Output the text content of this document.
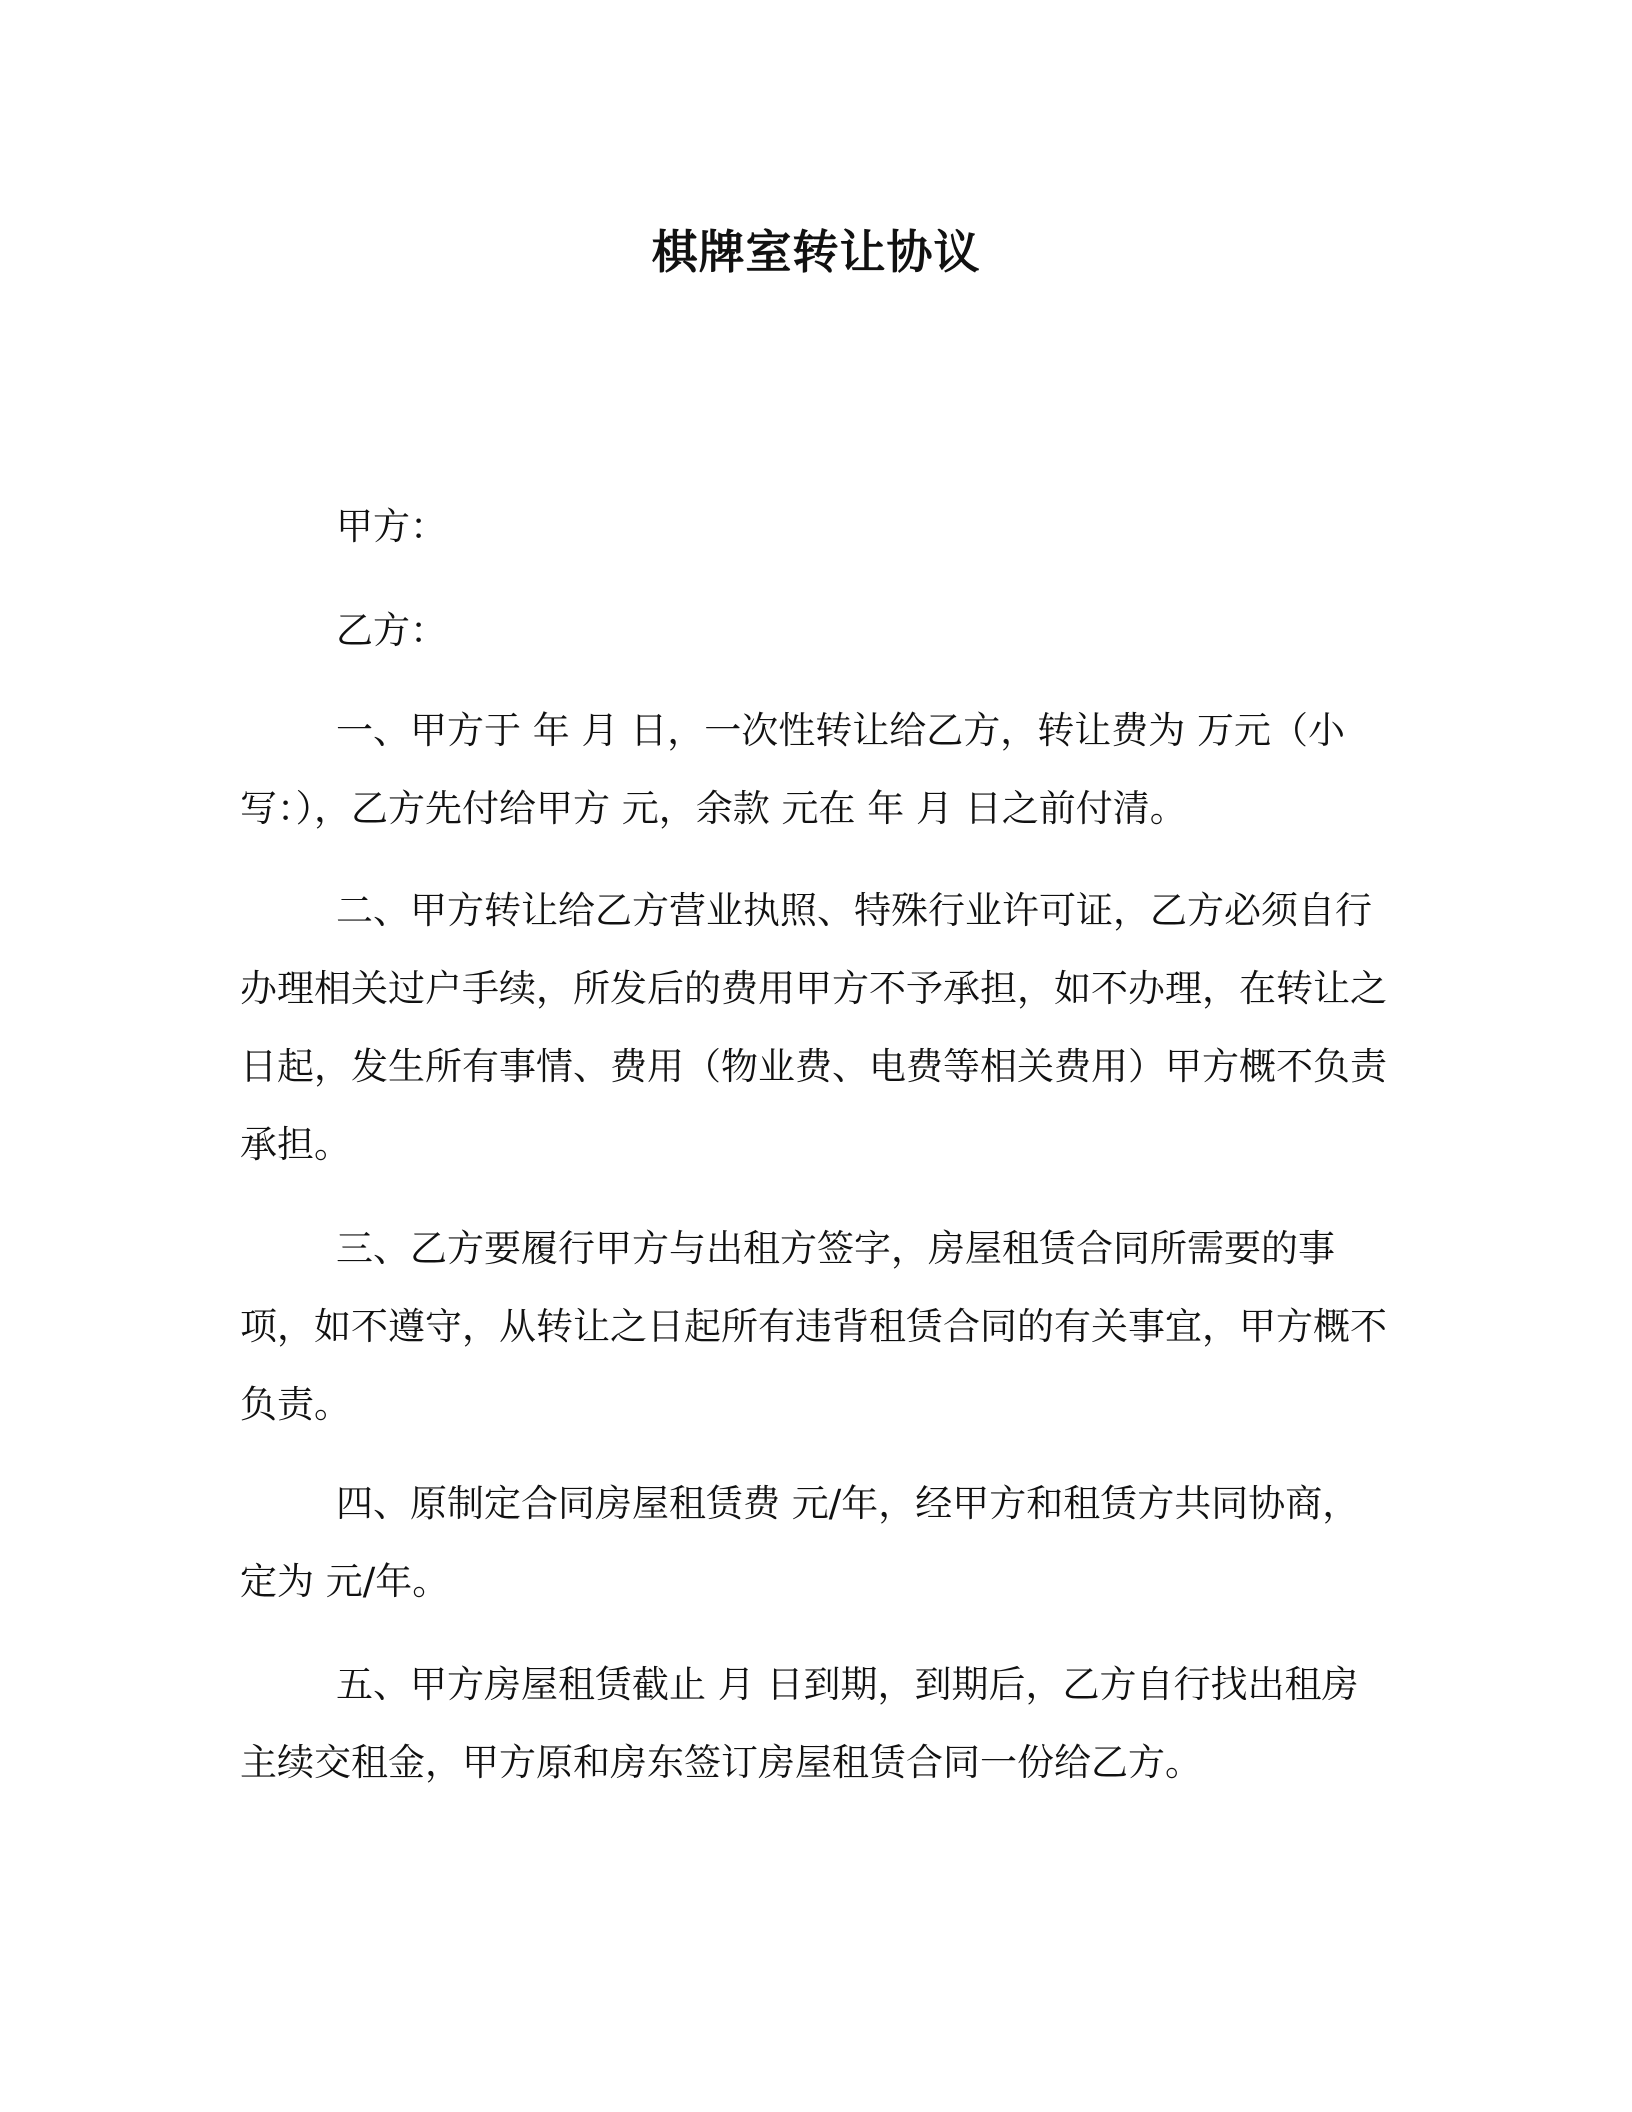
棋牌室转让协议

甲方：

乙方：

一、甲方于 年 月 日，一次性转让给乙方，转让费为 万元（小写：），乙方先付给甲方 元，余款 元在 年 月 日之前付清。

二、甲方转让给乙方营业执照、特殊行业许可证，乙方必须自行办理相关过户手续，所发后的费用甲方不予承担，如不办理，在转让之日起，发生所有事情、费用（物业费、电费等相关费用）甲方概不负责承担。

三、乙方要履行甲方与出租方签字，房屋租赁合同所需要的事项，如不遵守，从转让之日起所有违背租赁合同的有关事宜，甲方概不负责。

四、原制定合同房屋租赁费 元/年，经甲方和租赁方共同协商，定为 元/年。

五、甲方房屋租赁截止 月 日到期，到期后，乙方自行找出租房主续交租金，甲方原和房东签订房屋租赁合同一份给乙方。
